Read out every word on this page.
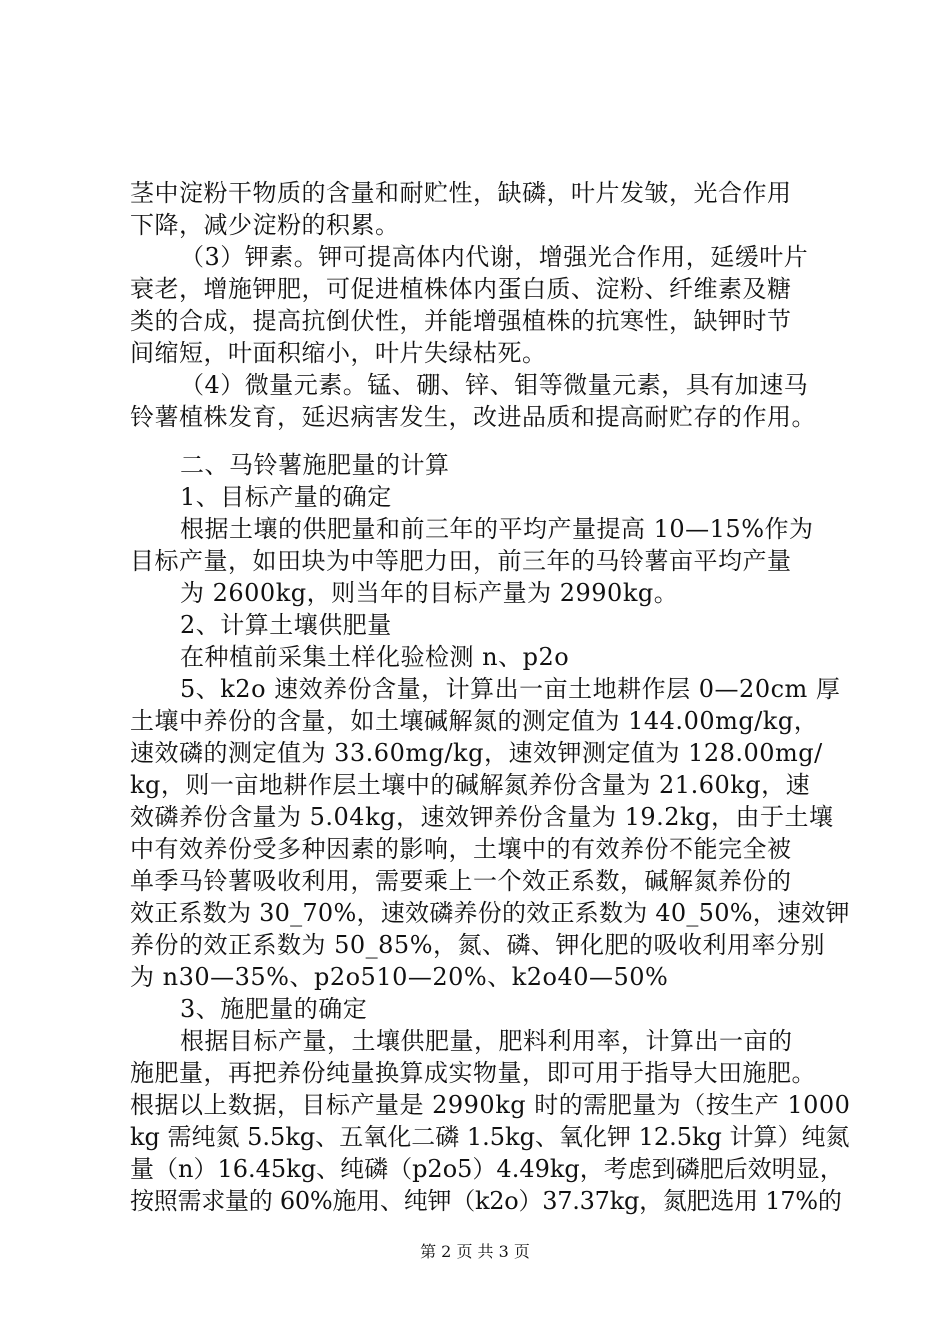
茎中淀粉干物质的含量和耐贮性，缺磷，叶片发皱，光合作用
下降，减少淀粉的积累。
（3）钾素。钾可提高体内代谢，增强光合作用，延缓叶片
衰老，增施钾肥，可促进植株体内蛋白质、淀粉、纤维素及糖
类的合成，提高抗倒伏性，并能增强植株的抗寒性，缺钾时节
间缩短，叶面积缩小，叶片失绿枯死。
（4）微量元素。锰、硼、锌、钼等微量元素，具有加速马
铃薯植株发育，延迟病害发生，改进品质和提高耐贮存的作用。
二、马铃薯施肥量的计算
1、目标产量的确定
根据土壤的供肥量和前三年的平均产量提高 10—15%作为
目标产量，如田块为中等肥力田，前三年的马铃薯亩平均产量
为 2600kg，则当年的目标产量为 2990kg。
2、计算土壤供肥量
在种植前采集土样化验检测 n、p2o
5、k2o 速效养份含量，计算出一亩土地耕作层 0—20cm 厚
土壤中养份的含量，如土壤碱解氮的测定值为 144.00mg/kg，
速效磷的测定值为 33.60mg/kg，速效钾测定值为 128.00mg/
kg，则一亩地耕作层土壤中的碱解氮养份含量为 21.60kg，速
效磷养份含量为 5.04kg，速效钾养份含量为 19.2kg，由于土壤
中有效养份受多种因素的影响，土壤中的有效养份不能完全被
单季马铃薯吸收利用，需要乘上一个效正系数，碱解氮养份的
效正系数为 30_70%，速效磷养份的效正系数为 40_50%，速效钾
养份的效正系数为 50_85%，氮、磷、钾化肥的吸收利用率分别
为 n30—35%、p2o510—20%、k2o40—50%
3、施肥量的确定
根据目标产量，土壤供肥量，肥料利用率，计算出一亩的
施肥量，再把养份纯量换算成实物量，即可用于指导大田施肥。
根据以上数据，目标产量是 2990kg 时的需肥量为（按生产 1000
kg 需纯氮 5.5kg、五氧化二磷 1.5kg、氧化钾 12.5kg 计算）纯氮
量（n）16.45kg、纯磷（p2o5）4.49kg，考虑到磷肥后效明显，
按照需求量的 60%施用、纯钾（k2o）37.37kg，氮肥选用 17%的
第 2 页 共 3 页
